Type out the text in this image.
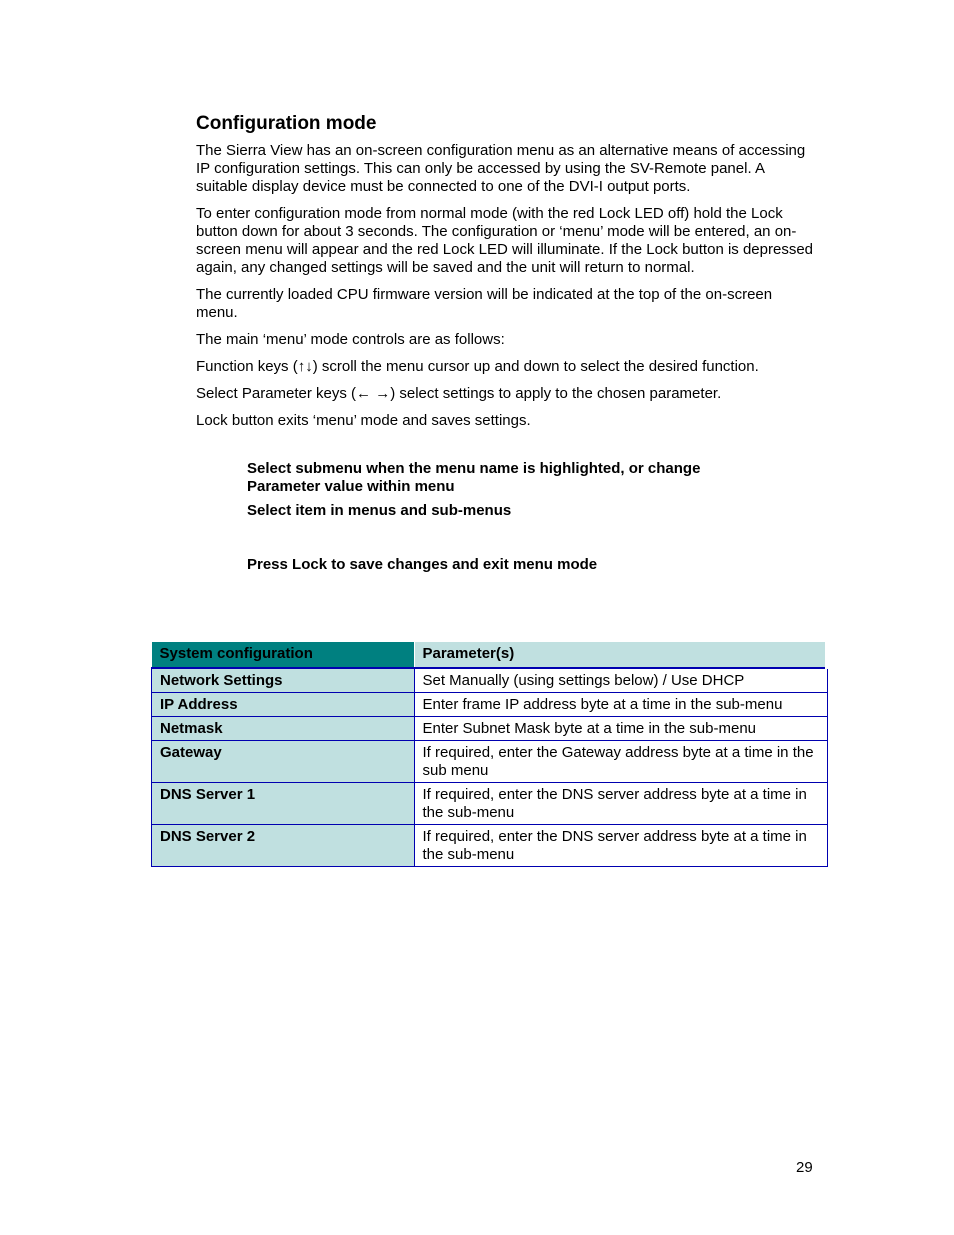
Configuration mode

The Sierra View has an on-screen configuration menu as an alternative means of accessing IP configuration settings. This can only be accessed by using the SV-Remote panel. A suitable display device must be connected to one of the DVI-I output ports.

To enter configuration mode from normal mode (with the red Lock LED off) hold the Lock button down for about 3 seconds. The configuration or ‘menu’ mode will be entered, an on-screen menu will appear and the red Lock LED will illuminate. If the Lock button is depressed again, any changed settings will be saved and the unit will return to normal.

The currently loaded CPU firmware version will be indicated at the top of the on-screen menu.

The main ‘menu’ mode controls are as follows:

Function keys (↑↓) scroll the menu cursor up and down to select the desired function.

Select Parameter keys (← →) select settings to apply to the chosen parameter.

Lock button exits ‘menu’ mode and saves settings.

Select submenu when the menu name is highlighted, or change Parameter value within menu

Select item in menus and sub-menus

Press Lock to save changes and exit menu mode

System configuration	Parameter(s)
Network Settings	Set Manually (using settings below) / Use DHCP
IP Address	Enter frame IP address byte at a time in the sub-menu
Netmask	Enter Subnet Mask byte at a time in the sub-menu
Gateway	If required, enter the Gateway address byte at a time in the sub menu
DNS Server 1	If required, enter the DNS server address byte at a time in the sub-menu
DNS Server 2	If required, enter the DNS server address byte at a time in the sub-menu
29
